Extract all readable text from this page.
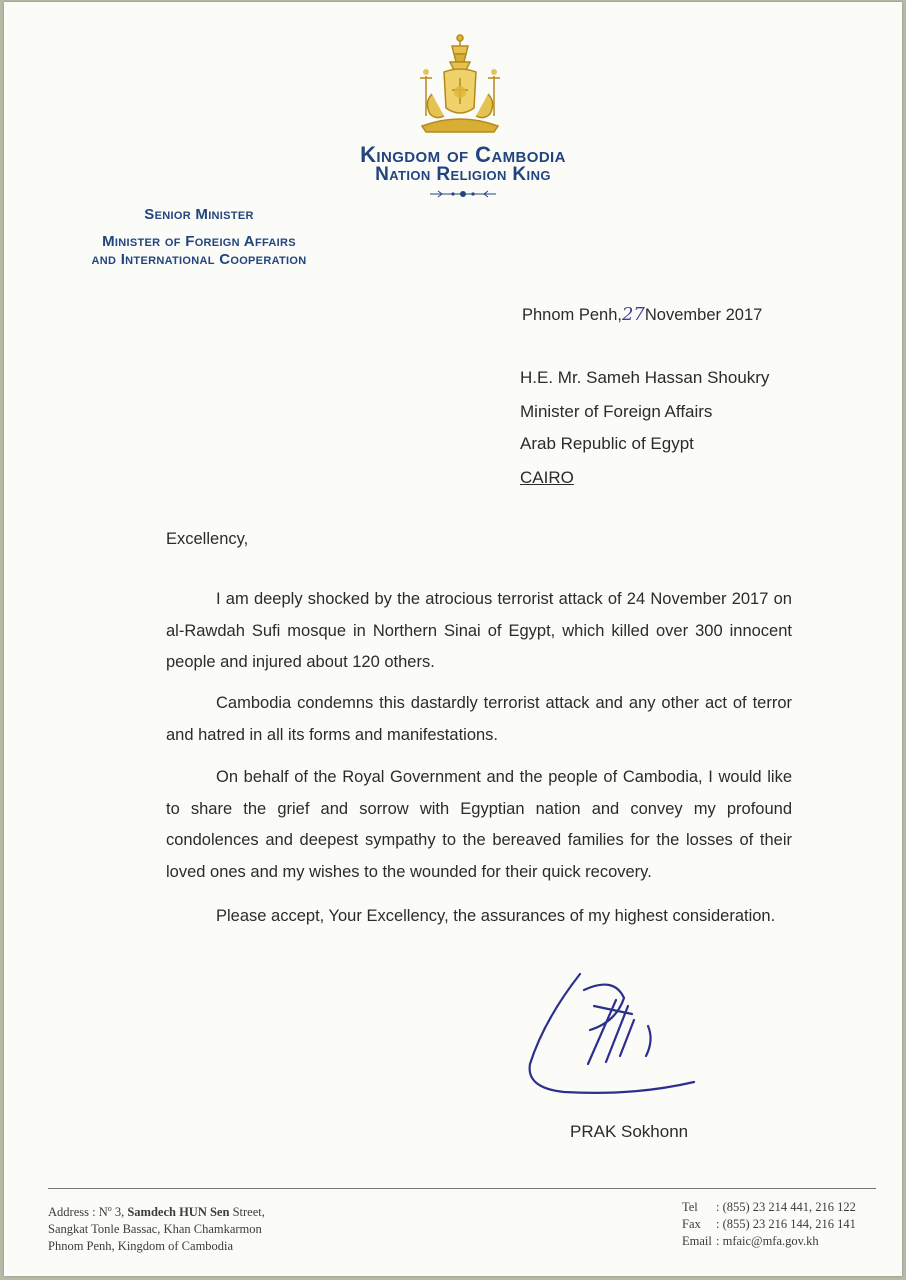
Kingdom of Cambodia
Nation Religion King
Senior Minister
Minister of Foreign Affairs
and International Cooperation
Phnom Penh,27November 2017
H.E. Mr. Sameh Hassan Shoukry
Minister of Foreign Affairs
Arab Republic of Egypt
CAIRO
Excellency,
I am deeply shocked by the atrocious terrorist attack of 24 November 2017 on al-Rawdah Sufi mosque in Northern Sinai of Egypt, which killed over 300 innocent people and injured about 120 others.
Cambodia condemns this dastardly terrorist attack and any other act of terror and hatred in all its forms and manifestations.
On behalf of the Royal Government and the people of Cambodia, I would like to share the grief and sorrow with Egyptian nation and convey my profound condolences and deepest sympathy to the bereaved families for the losses of their loved ones and my wishes to the wounded for their quick recovery.
Please accept, Your Excellency, the assurances of my highest consideration.
PRAK Sokhonn
Address : $N^o$ 3, Samdech HUN Sen Street,
Sangkat Tonle Bassac, Khan Chamkarmon
Phnom Penh, Kingdom of Cambodia
Tel : (855) 23 214 441, 216 122
Fax : (855) 23 216 144, 216 141
Email : mfaic@mfa.gov.kh
